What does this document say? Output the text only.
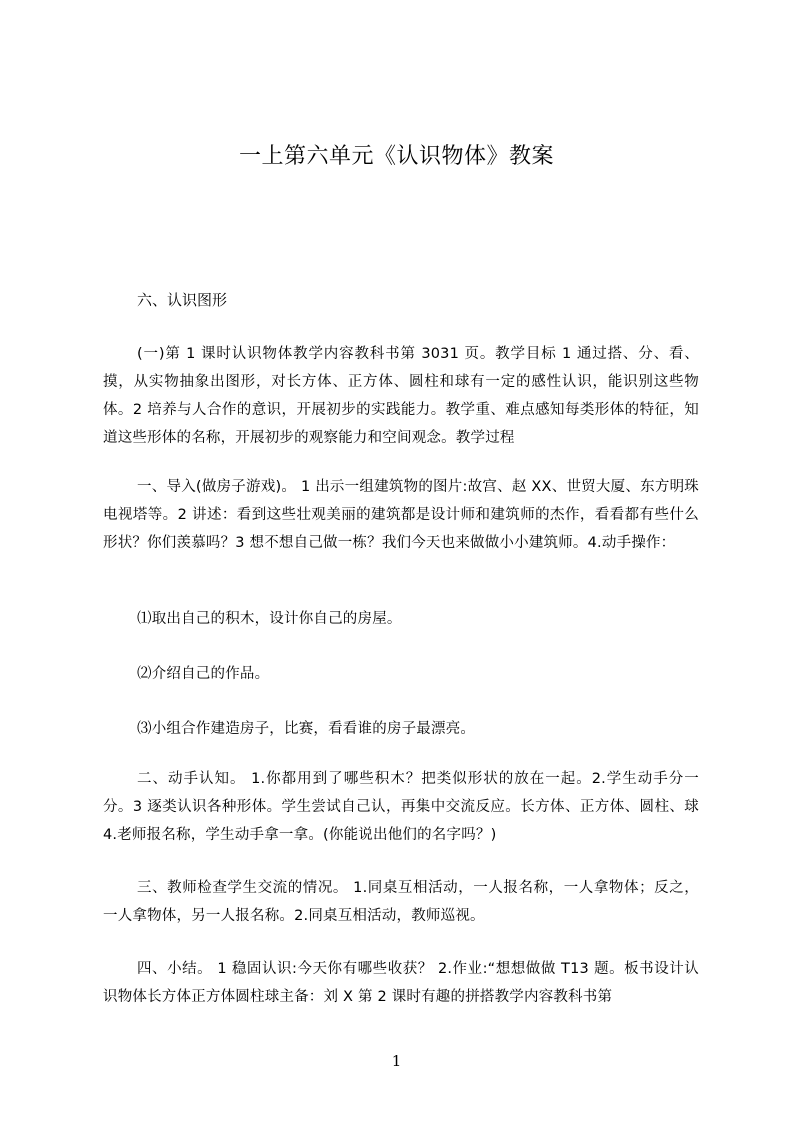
一上第六单元《认识物体》教案
六、认识图形

(一)第 1 课时认识物体教学内容教科书第 3031 页。教学目标 1 通过搭、分、看、摸，从实物抽象出图形，对长方体、正方体、圆柱和球有一定的感性认识，能识别这些物体。2 培养与人合作的意识，开展初步的实践能力。教学重、难点感知每类形体的特征，知道这些形体的名称，开展初步的观察能力和空间观念。教学过程

一、导入(做房子游戏)。 1 出示一组建筑物的图片:故宫、赵 XX、世贸大厦、东方明珠电视塔等。2 讲述：看到这些壮观美丽的建筑都是设计师和建筑师的杰作，看看都有些什么形状？你们羡慕吗？3 想不想自己做一栋？我们今天也来做做小小建筑师。4.动手操作：

⑴取出自己的积木，设计你自己的房屋。

⑵介绍自己的作品。

⑶小组合作建造房子，比赛，看看谁的房子最漂亮。

二、动手认知。 1.你都用到了哪些积木？把类似形状的放在一起。2.学生动手分一分。3 逐类认识各种形体。学生尝试自己认，再集中交流反应。长方体、正方体、圆柱、球 4.老师报名称，学生动手拿一拿。(你能说出他们的名字吗？)

三、教师检查学生交流的情况。 1.同桌互相活动，一人报名称，一人拿物体；反之，一人拿物体，另一人报名称。2.同桌互相活动，教师巡视。

四、小结。 1 稳固认识:今天你有哪些收获？ 2.作业:“想想做做 T13 题。板书设计认识物体长方体正方体圆柱球主备：刘 X 第 2 课时有趣的拼搭教学内容教科书第

1
